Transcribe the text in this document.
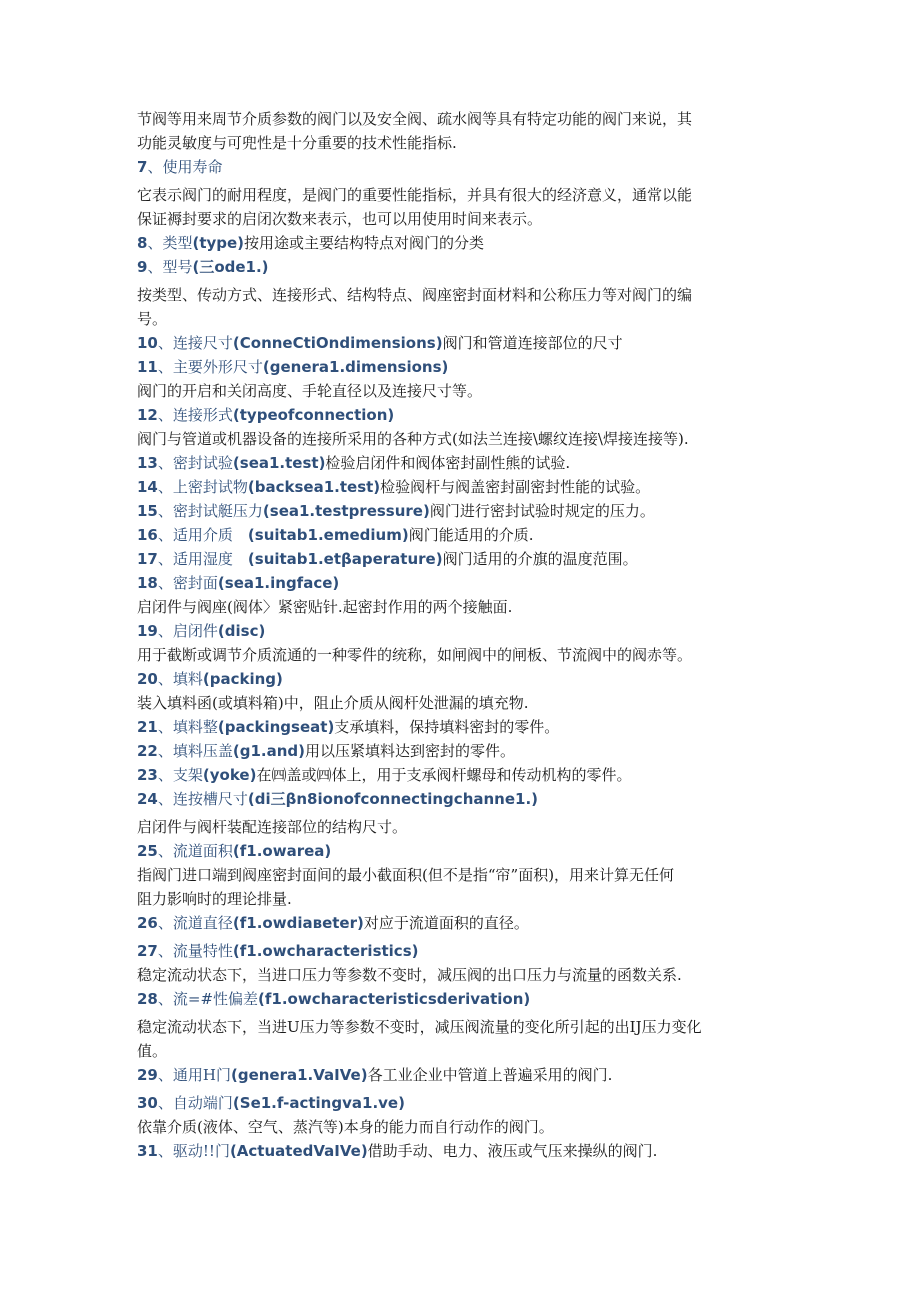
节阀等用来周节介质参数的阀门以及安全阀、疏水阀等具有特定功能的阀门来说，其
功能灵敏度与可兜性是十分重要的技术性能指标.
7、使用寿命
它表示阀门的耐用程度，是阀门的重要性能指标，并具有很大的经济意义，通常以能
保证褥封要求的启闭次数来表示，也可以用使用时间来表示。
8、类型(type)按用途或主要结构特点对阀门的分类
9、型号(三ode1.)
按类型、传动方式、连接形式、结构特点、阀座密封面材料和公称压力等对阀门的编
号。
10、连接尺寸(ConneCtiOndimensions)阀门和管道连接部位的尺寸
11、主要外形尺寸(genera1.dimensions)
阀门的开启和关闭高度、手轮直径以及连接尺寸等。
12、连接形式(typeofconnection)
阀门与管道或机器设备的连接所采用的各种方式(如法兰连接\螺纹连接\焊接连接等).
13、密封试验(sea1.test)检验启闭件和阀体密封副性熊的试验.
14、上密封试物(backsea1.test)检验阀杆与阀盖密封副密封性能的试验。
15、密封试艇压力(sea1.testpressure)阀门进行密封试验时规定的压力。
16、适用介质　(suitab1.emedium)阀门能适用的介质.
17、适用湿度　(suitab1.etβaperature)阀门适用的介旗的温度范围。
18、密封面(sea1.ingface)
启闭件与阀座(阀体〉紧密贴针.起密封作用的两个接触面.
19、启闭件(disc)
用于截断或调节介质流通的一种零件的统称，如闸阀中的闸板、节流阀中的阀赤等。
20、填料(packing)
装入填料函(或填料箱)中，阻止介质从阀杆处泄漏的填充物.
21、填料整(packingseat)支承填料，保持填料密封的零件。
22、填料压盖(g1.and)用以压紧填料达到密封的零件。
23、支架(yoke)在㈣盖或㈣体上，用于支承阀杆螺母和传动机构的零件。
24、连按槽尺寸(di三βn8ionofconnectingchanne1.)
启闭件与阀杆装配连接部位的结构尺寸。
25、流道面积(f1.owarea)
指阀门进口端到阀座密封面间的最小截面积(但不是指“帘”面积)，用来计算无任何
阻力影响时的理论排量.
26、流道直径(f1.owdiaвeter)对应于流道面积的直径。
27、流量特性(f1.owcharacteristics)
稳定流动状态下，当进口压力等参数不变时，减压阀的出口压力与流量的函数关系.
28、流=#性偏差(f1.owcharacteristicsderivation)
稳定流动状态下，当进U压力等参数不变时，减压阀流量的变化所引起的出IJ压力变化
值。
29、通用H门(genera1.VaIVe)各工业企业中管道上普遍采用的阀门.
30、自动端门(Se1.f-actingva1.ve)
依靠介质(液体、空气、蒸汽等)本身的能力而自行动作的阀门。
31、驱动!!门(ActuatedVaIVe)借助手动、电力、液压或气压来操纵的阀门.
